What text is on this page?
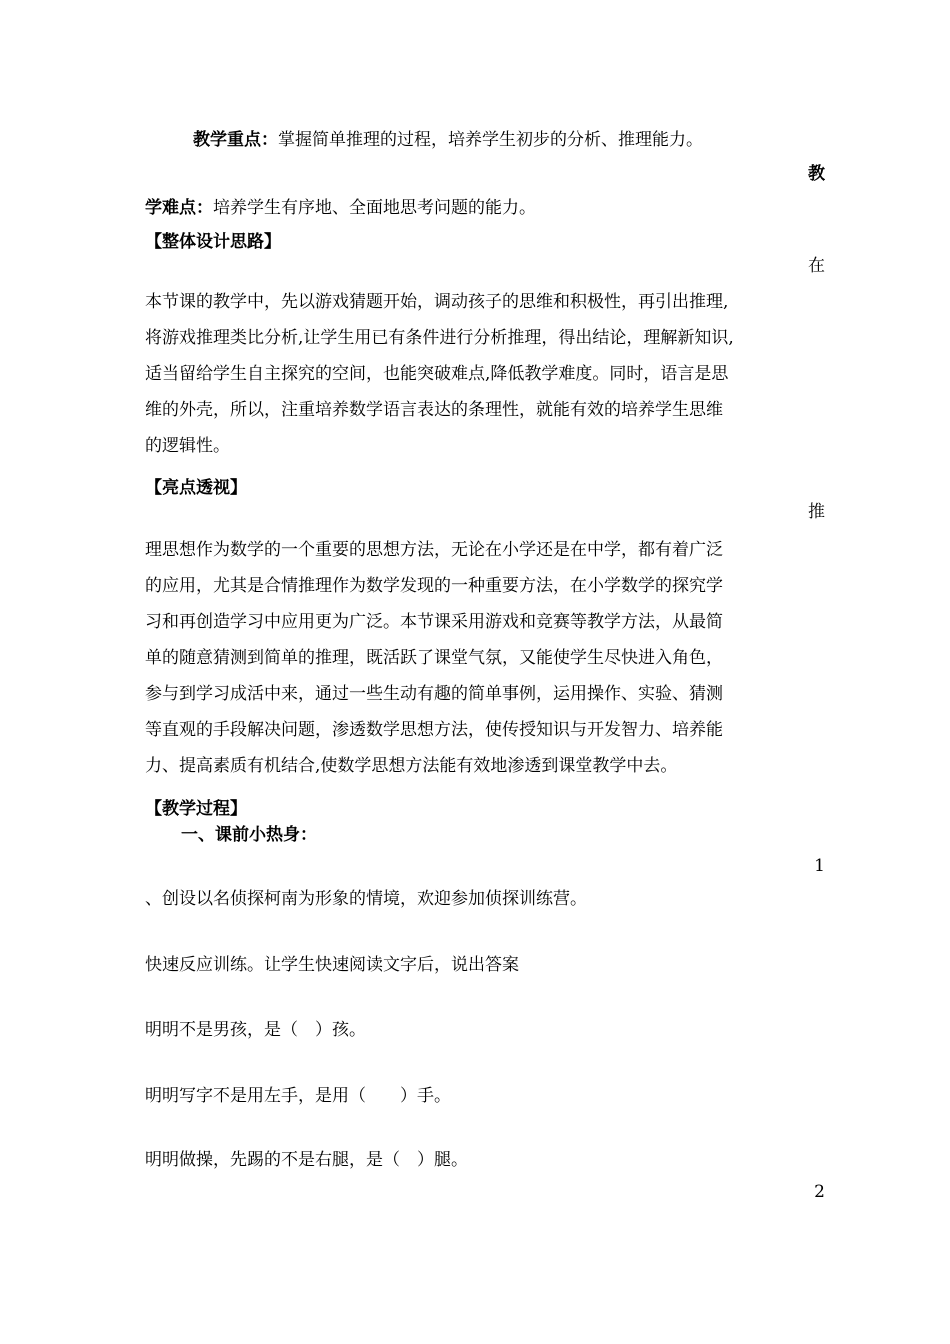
教学重点：掌握简单推理的过程，培养学生初步的分析、推理能力。
教
学难点：培养学生有序地、全面地思考问题的能力。
【整体设计思路】
在
本节课的教学中，先以游戏猜题开始，调动孩子的思维和积极性，再引出推理,
将游戏推理类比分析,让学生用已有条件进行分析推理，得出结论，理解新知识,
适当留给学生自主探究的空间，也能突破难点,降低教学难度。同时，语言是思
维的外壳，所以，注重培养数学语言表达的条理性，就能有效的培养学生思维
的逻辑性。
【亮点透视】
推
理思想作为数学的一个重要的思想方法，无论在小学还是在中学，都有着广泛
的应用，尤其是合情推理作为数学发现的一种重要方法，在小学数学的探究学
习和再创造学习中应用更为广泛。本节课采用游戏和竞赛等教学方法，从最简
单的随意猜测到简单的推理，既活跃了课堂气氛，又能使学生尽快进入角色，
参与到学习成活中来，通过一些生动有趣的简单事例，运用操作、实验、猜测
等直观的手段解决问题，渗透数学思想方法，使传授知识与开发智力、培养能
力、提高素质有机结合,使数学思想方法能有效地渗透到课堂教学中去。
【教学过程】
一、课前小热身：
1
、创设以名侦探柯南为形象的情境，欢迎参加侦探训练营。
快速反应训练。让学生快速阅读文字后，说出答案
明明不是男孩，是（　）孩。
明明写字不是用左手，是用（　　）手。
明明做操，先踢的不是右腿，是（　）腿。
2
